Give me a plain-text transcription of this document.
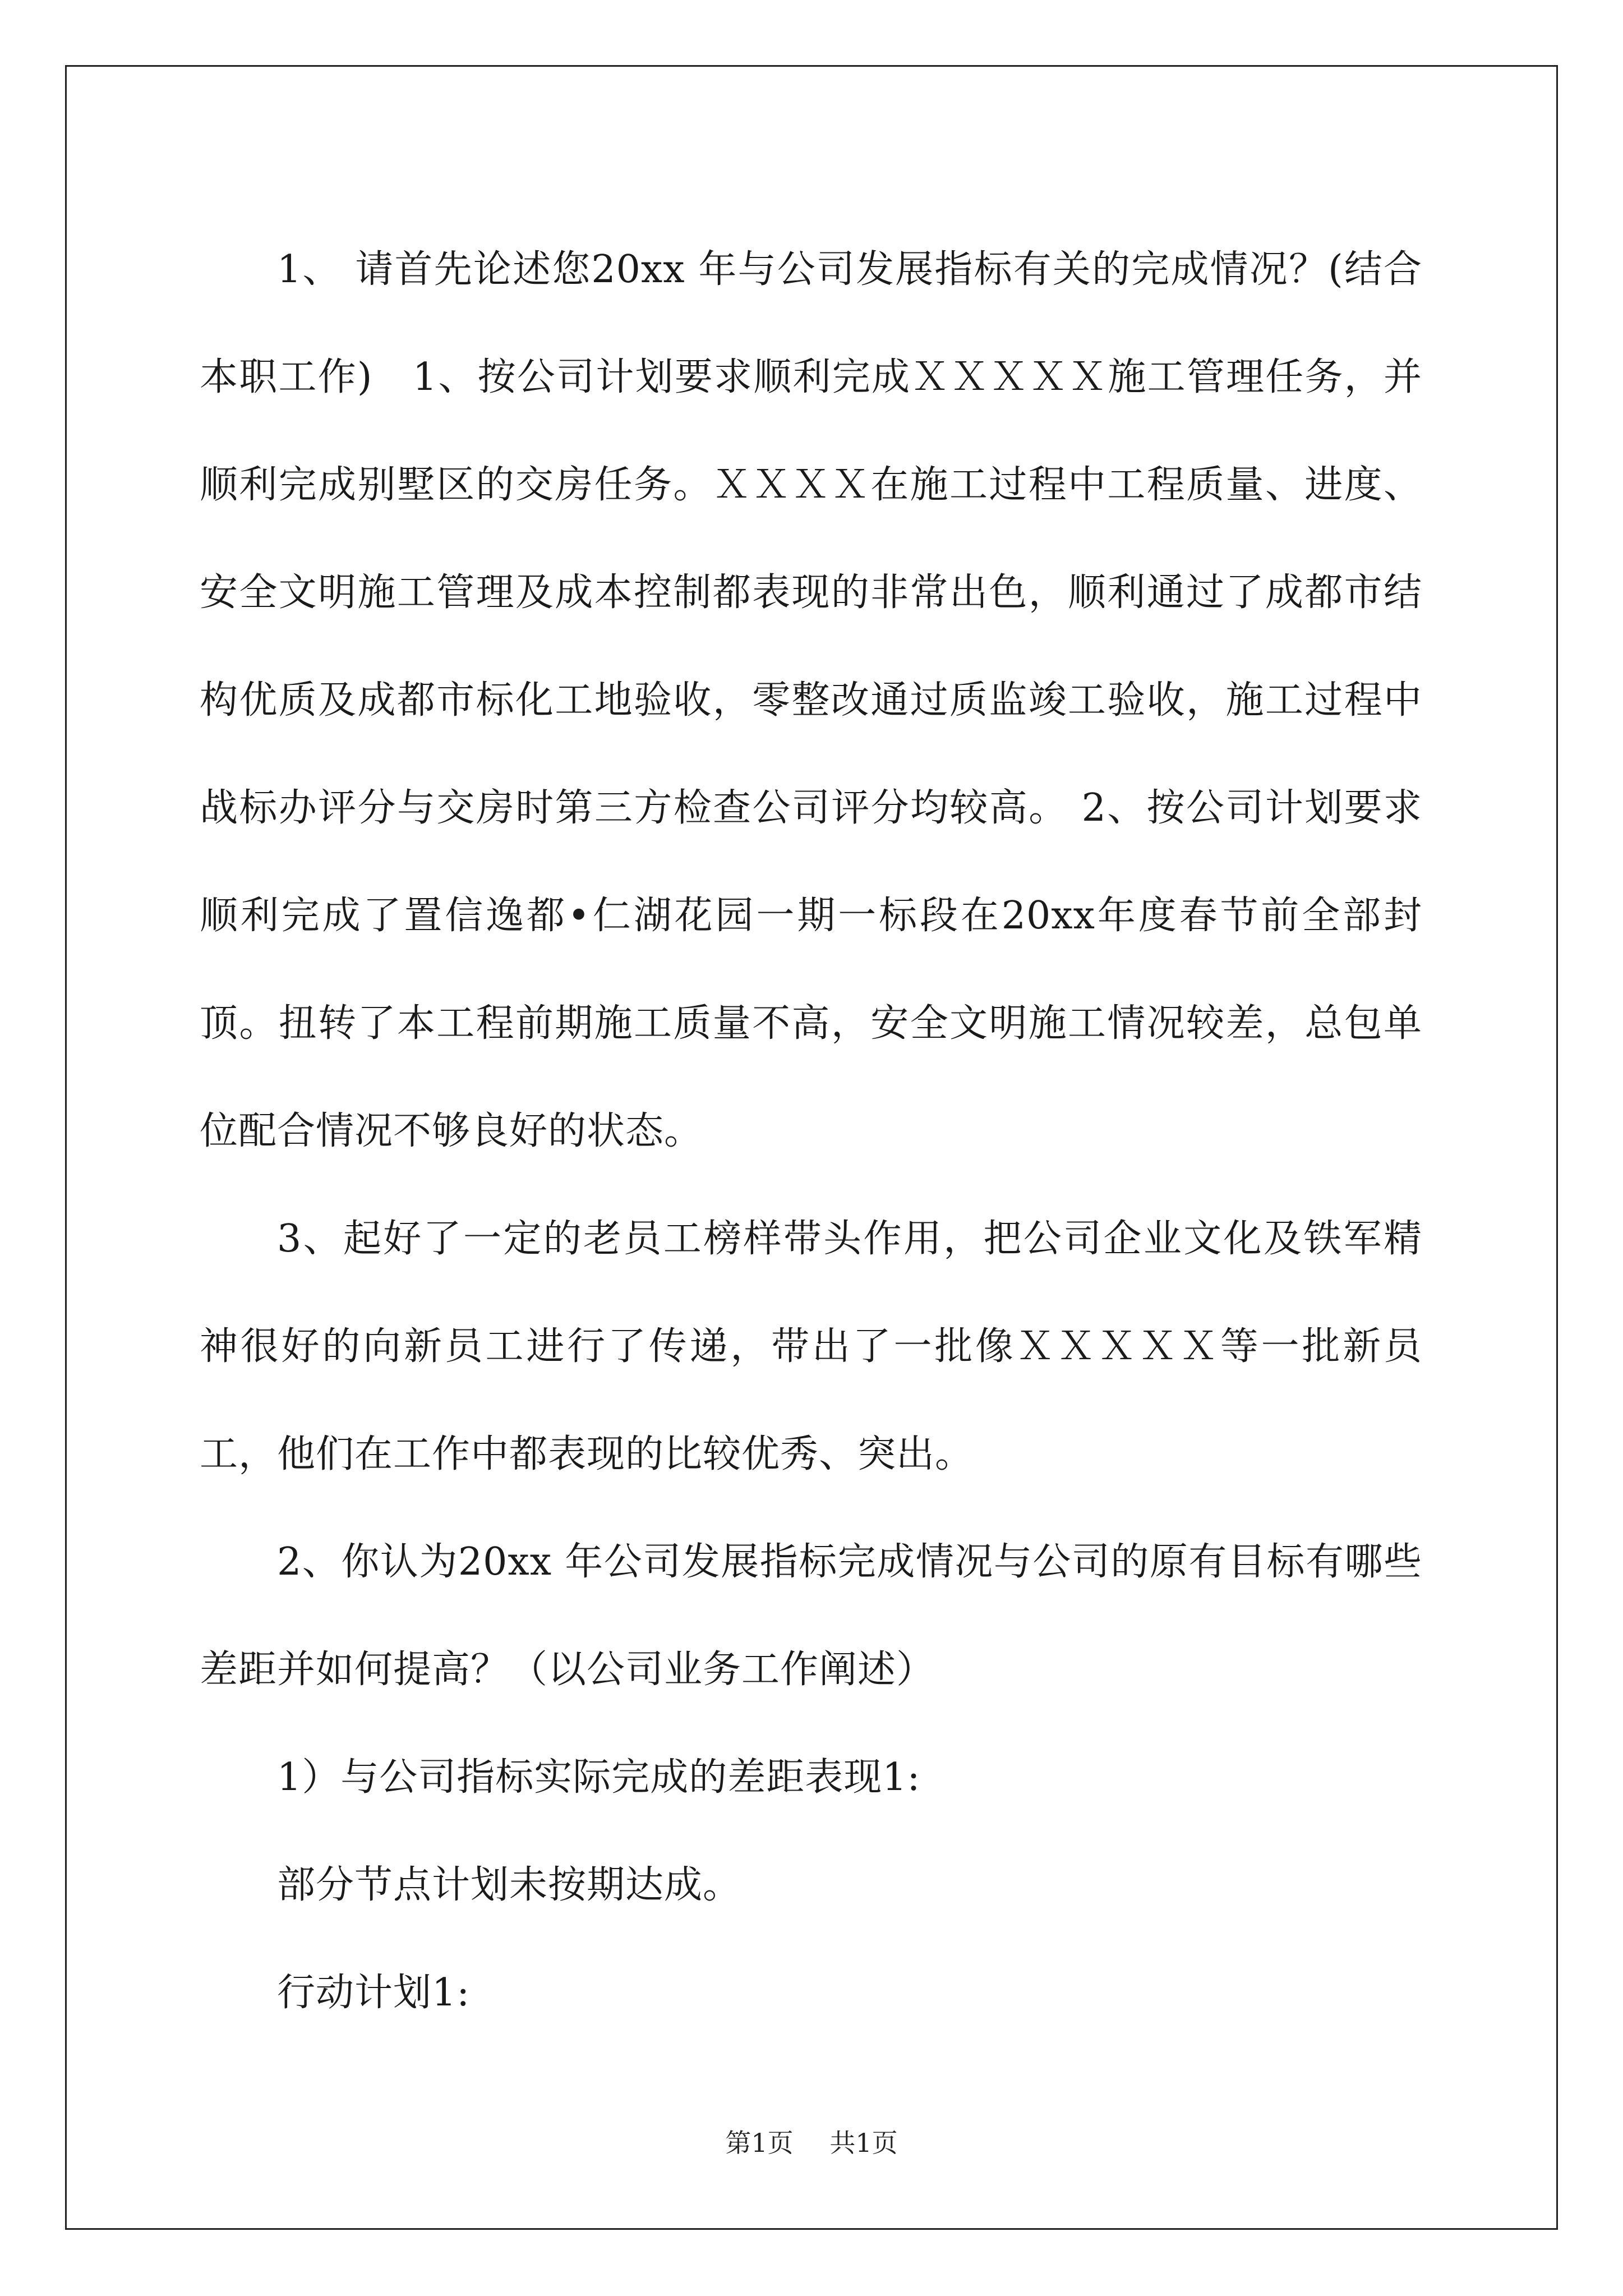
1、 请首先论述您20xx 年与公司发展指标有关的完成情况？(结合本职工作)　1、按公司计划要求顺利完成ＸＸＸＸＸ施工管理任务，并顺利完成别墅区的交房任务。ＸＸＸＸ在施工过程中工程质量、进度、安全文明施工管理及成本控制都表现的非常出色，顺利通过了成都市结构优质及成都市标化工地验收，零整改通过质监竣工验收，施工过程中战标办评分与交房时第三方检查公司评分均较高。 2、按公司计划要求顺利完成了置信逸都•仁湖花园一期一标段在20xx年度春节前全部封顶。扭转了本工程前期施工质量不高，安全文明施工情况较差，总包单位配合情况不够良好的状态。

3、起好了一定的老员工榜样带头作用，把公司企业文化及铁军精神很好的向新员工进行了传递，带出了一批像ＸＸＸＸＸ等一批新员工，他们在工作中都表现的比较优秀、突出。

2、你认为20xx 年公司发展指标完成情况与公司的原有目标有哪些差距并如何提高？（以公司业务工作阐述）

1）与公司指标实际完成的差距表现1:

部分节点计划未按期达成。

行动计划1:

第1页 共1页
